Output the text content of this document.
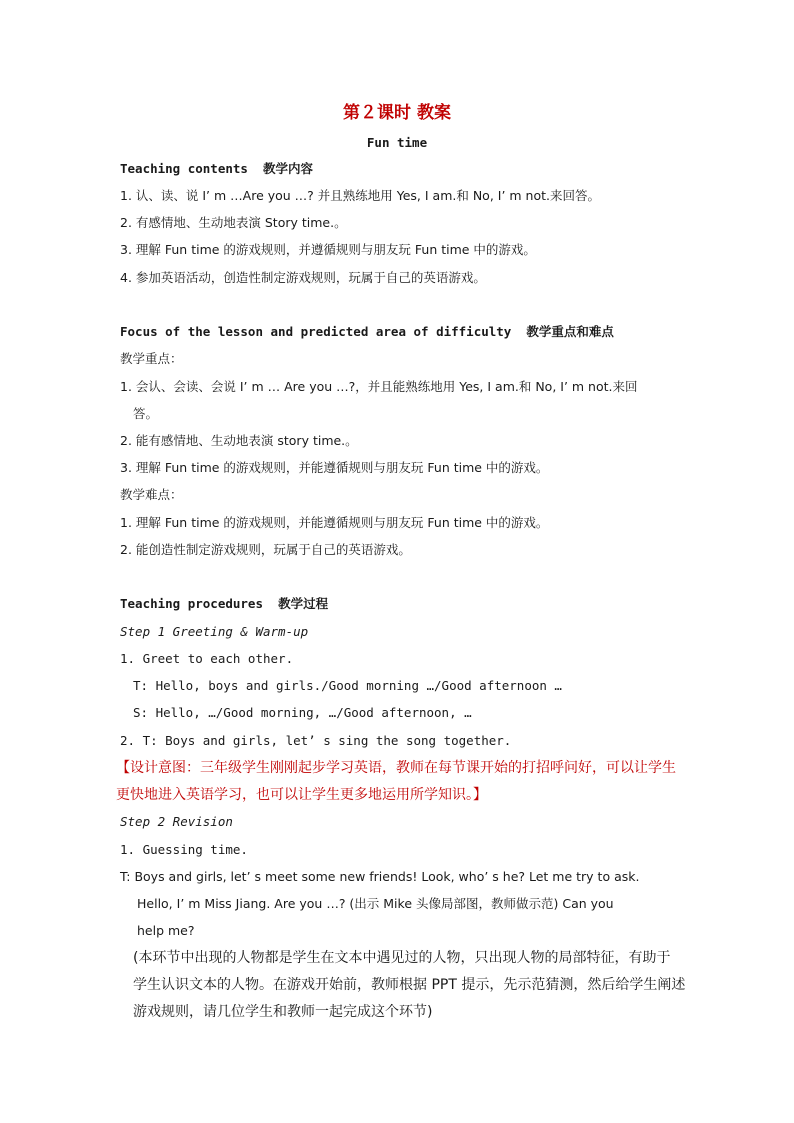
第２课时 教案
Fun time
Teaching contents 教学内容
1. 认、读、说 I’ m …Are you …? 并且熟练地用 Yes, I am.和 No, I’ m not.来回答。
2. 有感情地、生动地表演 Story time.。
3. 理解 Fun time 的游戏规则，并遵循规则与朋友玩 Fun time 中的游戏。
4. 参加英语活动，创造性制定游戏规则，玩属于自己的英语游戏。
Focus of the lesson and predicted area of difficulty 教学重点和难点
教学重点：
1. 会认、会读、会说 I’ m … Are you …?，并且能熟练地用 Yes, I am.和 No, I’ m not.来回
答。
2. 能有感情地、生动地表演 story time.。
3. 理解 Fun time 的游戏规则，并能遵循规则与朋友玩 Fun time 中的游戏。
教学难点：
1. 理解 Fun time 的游戏规则，并能遵循规则与朋友玩 Fun time 中的游戏。
2. 能创造性制定游戏规则，玩属于自己的英语游戏。
Teaching procedures 教学过程
Step 1 Greeting & Warm-up
1. Greet to each other.
T: Hello, boys and girls./Good morning …/Good afternoon …
S: Hello, …/Good morning, …/Good afternoon, …
2. T: Boys and girls, let’ s sing the song together.
【设计意图：三年级学生刚刚起步学习英语，教师在每节课开始的打招呼问好，可以让学生
更快地进入英语学习，也可以让学生更多地运用所学知识。】
Step 2 Revision
1. Guessing time.
T: Boys and girls, let’ s meet some new friends! Look, who’ s he? Let me try to ask.
Hello, I’ m Miss Jiang. Are you …? (出示 Mike 头像局部图，教师做示范) Can you
help me?
(本环节中出现的人物都是学生在文本中遇见过的人物，只出现人物的局部特征，有助于
学生认识文本的人物。在游戏开始前，教师根据 PPT 提示，先示范猜测，然后给学生阐述
游戏规则，请几位学生和教师一起完成这个环节)
